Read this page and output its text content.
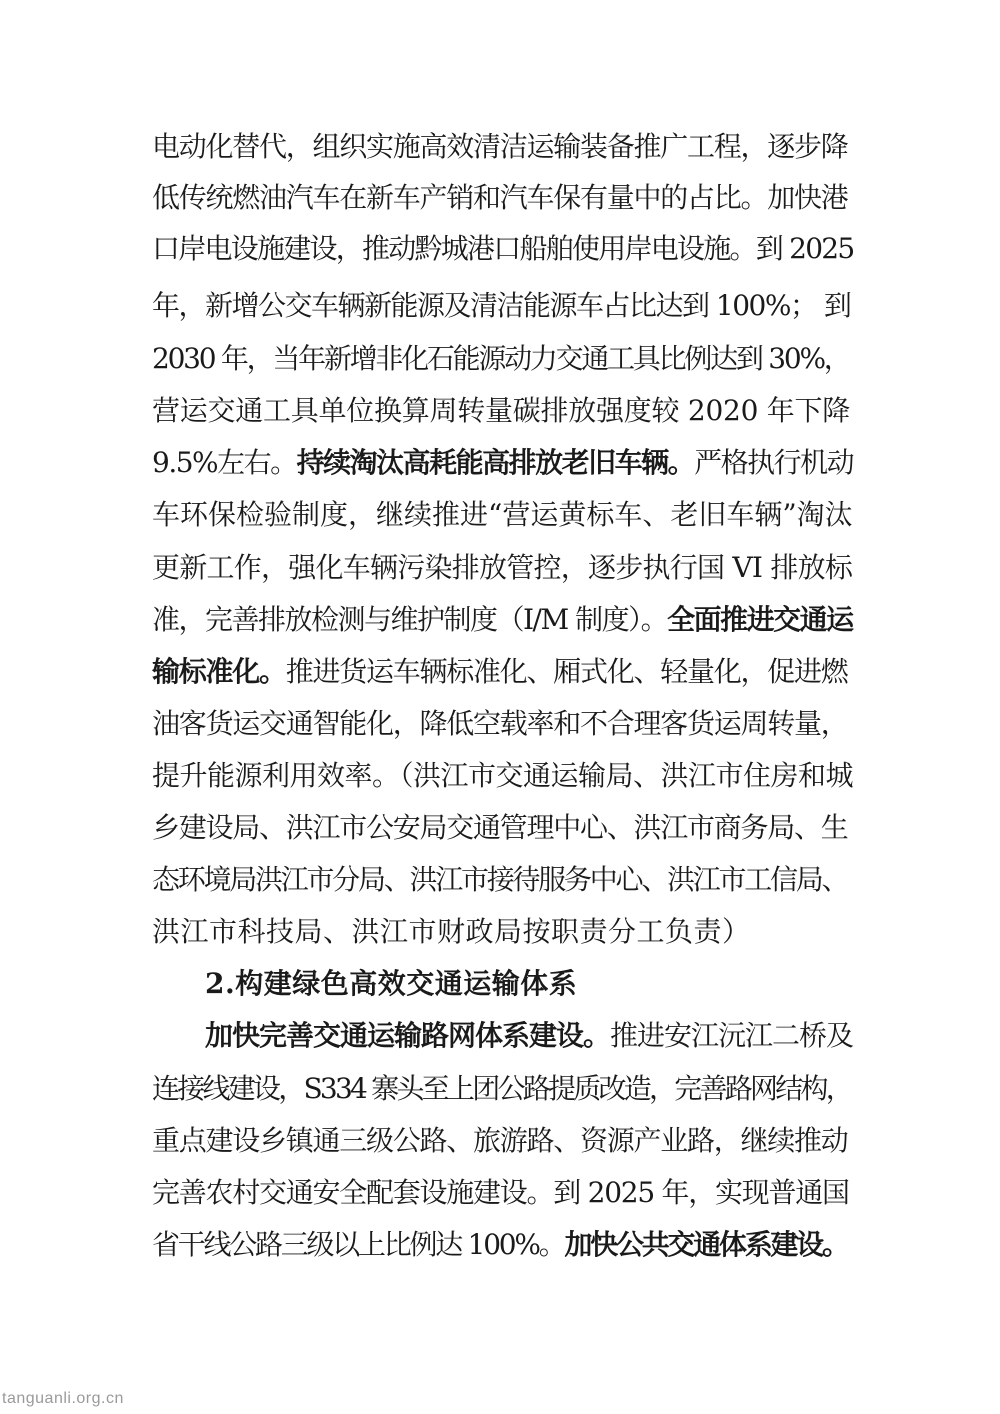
电动化替代，组织实施高效清洁运输装备推广工程，逐步降
低传统燃油汽车在新车产销和汽车保有量中的占比。加快港
口岸电设施建设，推动黔城港口船舶使用岸电设施。到 2025
年，新增公交车辆新能源及清洁能源车占比达到 100%； 到
2030 年，当年新增非化石能源动力交通工具比例达到 30%，
营运交通工具单位换算周转量碳排放强度较 2020 年下降
9.5%左右。持续淘汰高耗能高排放老旧车辆。严格执行机动
车环保检验制度，继续推进“营运黄标车、老旧车辆”淘汰
更新工作，强化车辆污染排放管控，逐步执行国 VI 排放标
准，完善排放检测与维护制度（I/M 制度）。全面推进交通运
输标准化。推进货运车辆标准化、厢式化、轻量化，促进燃
油客货运交通智能化，降低空载率和不合理客货运周转量，
提升能源利用效率。（洪江市交通运输局、洪江市住房和城
乡建设局、洪江市公安局交通管理中心、洪江市商务局、生
态环境局洪江市分局、洪江市接待服务中心、洪江市工信局、
洪江市科技局、洪江市财政局按职责分工负责）
2.构建绿色高效交通运输体系
加快完善交通运输路网体系建设。推进安江沅江二桥及
连接线建设，S334 寨头至上团公路提质改造，完善路网结构，
重点建设乡镇通三级公路、旅游路、资源产业路，继续推动
完善农村交通安全配套设施建设。到 2025 年，实现普通国
省干线公路三级以上比例达 100%。加快公共交通体系建设。
tanguanli.org.cn
